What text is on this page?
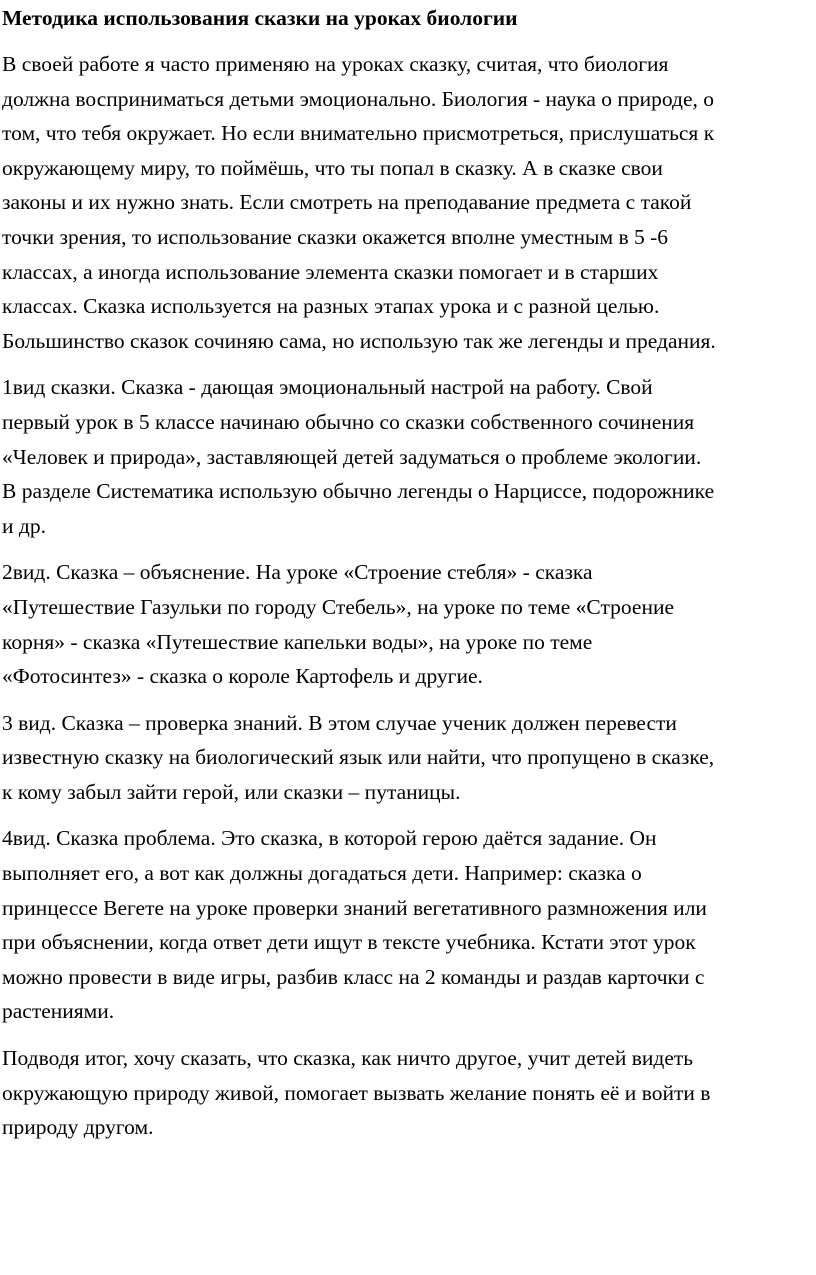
Методика использования сказки на уроках биологии

В своей работе я часто применяю на уроках сказку, считая, что биология
должна восприниматься детьми эмоционально. Биология - наука о природе, о
том, что тебя окружает. Но если внимательно присмотреться, прислушаться к
окружающему миру, то поймёшь, что ты попал в сказку. А в сказке свои
законы и их нужно знать. Если смотреть на преподавание предмета с такой
точки зрения, то использование сказки окажется вполне уместным в 5 -6
классах, а иногда использование элемента сказки помогает и в старших
классах. Сказка используется на разных этапах урока и с разной целью.
Большинство сказок сочиняю сама, но использую так же легенды и предания.

1вид сказки. Сказка - дающая эмоциональный настрой на работу. Свой
первый урок в 5 классе начинаю обычно со сказки собственного сочинения
«Человек и природа», заставляющей детей задуматься о проблеме экологии.
В разделе Систематика использую обычно легенды о Нарциссе, подорожнике
и др.

2вид. Сказка – объяснение. На уроке «Строение стебля» - сказка
«Путешествие Газульки по городу Стебель», на уроке по теме «Строение
корня» - сказка «Путешествие капельки воды», на уроке по теме
«Фотосинтез» - сказка о короле Картофель и другие.

3 вид. Сказка – проверка знаний. В этом случае ученик должен перевести
известную сказку на биологический язык или найти, что пропущено в сказке,
к кому забыл зайти герой, или сказки – путаницы.

4вид. Сказка проблема. Это сказка, в которой герою даётся задание. Он
выполняет его, а вот как должны догадаться дети. Например: сказка о
принцессе Вегете на уроке проверки знаний вегетативного размножения или
при объяснении, когда ответ дети ищут в тексте учебника. Кстати этот урок
можно провести в виде игры, разбив класс на 2 команды и раздав карточки с
растениями.

Подводя итог, хочу сказать, что сказка, как ничто другое, учит детей видеть
окружающую природу живой, помогает вызвать желание понять её и войти в
природу другом.
